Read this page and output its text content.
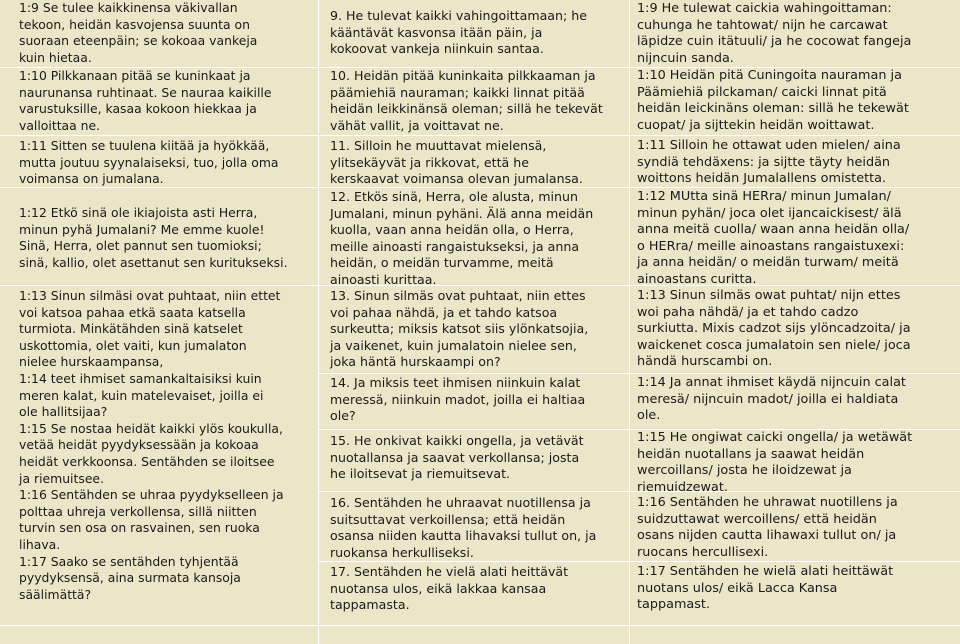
1:9 Se tulee kaikkinensa väkivallan
tekoon, heidän kasvojensa suunta on
suoraan eteenpäin; se kokoaa vankeja
kuin hietaa.

1:10 Pilkkanaan pitää se kuninkaat ja
naurunansa ruhtinaat. Se nauraa kaikille
varustuksille, kasaa kokoon hiekkaa ja
valloittaa ne.

1:11 Sitten se tuulena kiitää ja hyökkää,
mutta joutuu syynalaiseksi, tuo, jolla oma
voimansa on jumalana.

1:12 Etkö sinä ole ikiajoista asti Herra,
minun pyhä Jumalani? Me emme kuole!
Sinä, Herra, olet pannut sen tuomioksi;
sinä, kallio, olet asettanut sen kuritukseksi.

1:13 Sinun silmäsi ovat puhtaat, niin ettet
voi katsoa pahaa etkä saata katsella
turmiota. Minkätähden sinä katselet
uskottomia, olet vaiti, kun jumalaton
nielee hurskaampansa,
1:14 teet ihmiset samankaltaisiksi kuin
meren kalat, kuin matelevaiset, joilla ei
ole hallitsijaa?
1:15 Se nostaa heidät kaikki ylös koukulla,
vetää heidät pyydyksessään ja kokoaa
heidät verkkoonsa. Sentähden se iloitsee
ja riemuitsee.
1:16 Sentähden se uhraa pyydykselleen ja
polttaa uhreja verkollensa, sillä niitten
turvin sen osa on rasvainen, sen ruoka
lihava.
1:17 Saako se sentähden tyhjentää
pyydyksensä, aina surmata kansoja
säälimättä?

9. He tulevat kaikki vahingoittamaan; he
kääntävät kasvonsa itään päin, ja
kokoovat vankeja niinkuin santaa.

10. Heidän pitää kuninkaita pilkkaaman ja
päämiehiä nauraman; kaikki linnat pitää
heidän leikkinänsä oleman; sillä he tekevät
vähät vallit, ja voittavat ne.

11. Silloin he muuttavat mielensä,
ylitsekäyvät ja rikkovat, että he
kerskaavat voimansa olevan jumalansa.

12. Etkös sinä, Herra, ole alusta, minun
Jumalani, minun pyhäni. Älä anna meidän
kuolla, vaan anna heidän olla, o Herra,
meille ainoasti rangaistukseksi, ja anna
heidän, o meidän turvamme, meitä
ainoasti kurittaa.

13. Sinun silmäs ovat puhtaat, niin ettes
voi pahaa nähdä, ja et tahdo katsoa
surkeutta; miksis katsot siis ylönkatsojia,
ja vaikenet, kuin jumalatoin nielee sen,
joka häntä hurskaampi on?

14. Ja miksis teet ihmisen niinkuin kalat
meressä, niinkuin madot, joilla ei haltiaa
ole?

15. He onkivat kaikki ongella, ja vetävät
nuotallansa ja saavat verkollansa; josta
he iloitsevat ja riemuitsevat.

16. Sentähden he uhraavat nuotillensa ja
suitsuttavat verkoillensa; että heidän
osansa niiden kautta lihavaksi tullut on, ja
ruokansa herkulliseksi.

17. Sentähden he vielä alati heittävät
nuotansa ulos, eikä lakkaa kansaa
tappamasta.

1:9 He tulewat caickia wahingoittaman:
cuhunga he tahtowat/ nijn he carcawat
läpidze cuin itätuuli/ ja he cocowat fangeja
nijncuin sanda.

1:10 Heidän pitä Cuningoita nauraman ja
Päämiehiä pilckaman/ caicki linnat pitä
heidän leickinäns oleman: sillä he tekewät
cuopat/ ja sijttekin heidän woittawat.

1:11 Silloin he ottawat uden mielen/ aina
syndiä tehdäxens: ja sijtte täyty heidän
woittons heidän Jumalallens omistetta.

1:12 MUtta sinä HERra/ minun Jumalan/
minun pyhän/ joca olet ijancaickisest/ älä
anna meitä cuolla/ waan anna heidän olla/
o HERra/ meille ainoastans rangaistuxexi:
ja anna heidän/ o meidän turwam/ meitä
ainoastans curitta.

1:13 Sinun silmäs owat puhtat/ nijn ettes
woi paha nähdä/ ja et tahdo cadzo
surkiutta. Mixis cadzot sijs ylöncadzoita/ ja
waickenet cosca jumalatoin sen niele/ joca
händä hurscambi on.

1:14 Ja annat ihmiset käydä nijncuin calat
meresä/ nijncuin madot/ joilla ei haldiata
ole.

1:15 He ongiwat caicki ongella/ ja wetäwät
heidän nuotallans ja saawat heidän
wercoillans/ josta he iloidzewat ja
riemuidzewat.

1:16 Sentähden he uhrawat nuotillens ja
suidzuttawat wercoillens/ että heidän
osans nijden cautta lihawaxi tullut on/ ja
ruocans hercullisexi.

1:17 Sentähden he wielä alati heittäwät
nuotans ulos/ eikä Lacca Kansa
tappamast.
